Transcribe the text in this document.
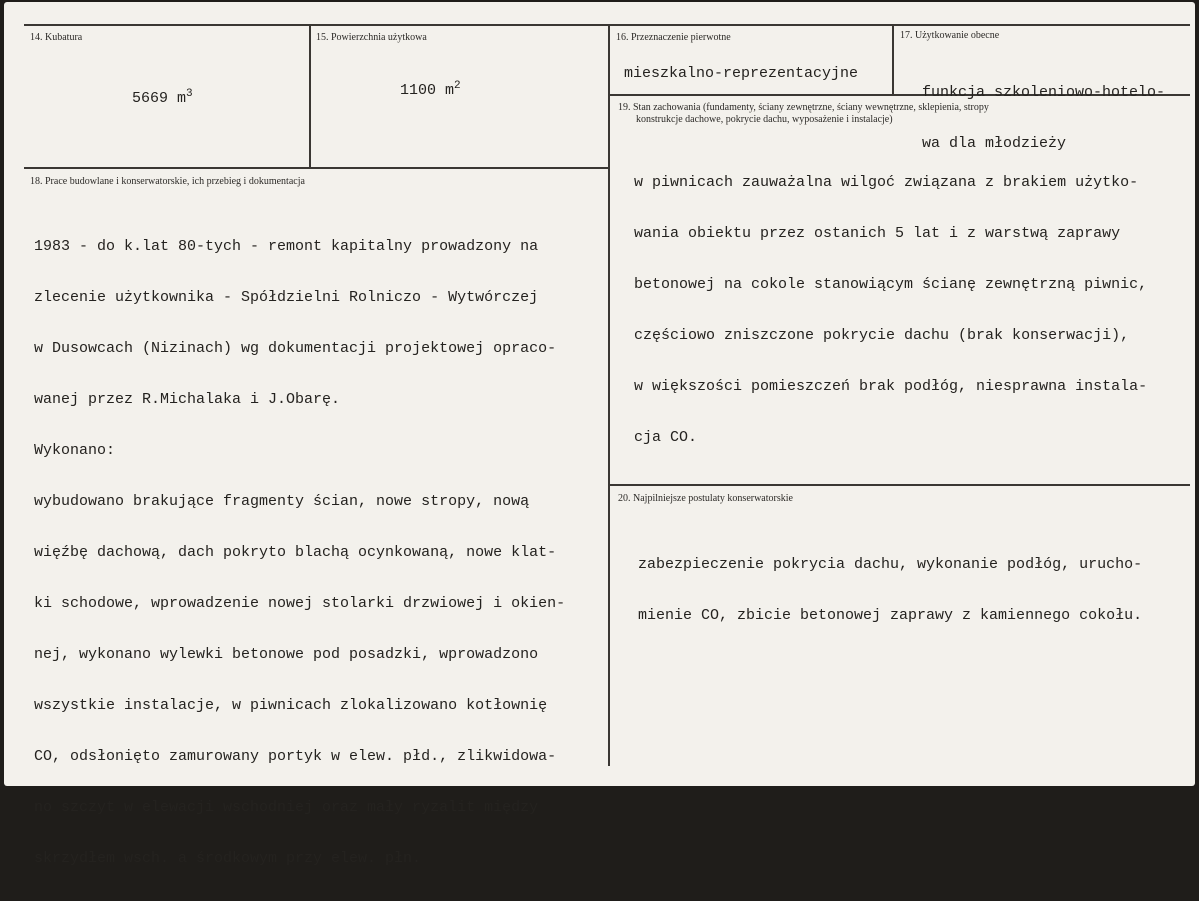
14. Kubatura
5669 $m^3$
15. Powierzchnia użytkowa
1100 $m^2$
16. Przeznaczenie pierwotne
mieszkalno-reprezentacyjne
17. Użytkowanie obecne

funkcja szkoleniowo-hotelo-

wa dla młodzieży

19. Stan zachowania (fundamenty, ściany zewnętrzne, ściany wewnętrzne, sklepienia, stropy
konstrukcje dachowe, pokrycie dachu, wyposażenie i instalacje)

w piwnicach zauważalna wilgoć związana z brakiem użytko-

wania obiektu przez ostanich 5 lat i z warstwą zaprawy

betonowej na cokole stanowiącym ścianę zewnętrzną piwnic,

częściowo zniszczone pokrycie dachu (brak konserwacji),

w większości pomieszczeń brak podłóg, niesprawna instala-

cja CO.

18. Prace budowlane i konserwatorskie, ich przebieg i dokumentacja

1983 - do k.lat 80-tych - remont kapitalny prowadzony na

zlecenie użytkownika - Spółdzielni Rolniczo - Wytwórczej

w Dusowcach (Nizinach) wg dokumentacji projektowej opraco-

wanej przez R.Michalaka i J.Obarę.

Wykonano:

wybudowano brakujące fragmenty ścian, nowe stropy, nową

więźbę dachową, dach pokryto blachą ocynkowaną, nowe klat-

ki schodowe, wprowadzenie nowej stolarki drzwiowej i okien-

nej, wykonano wylewki betonowe pod posadzki, wprowadzono

wszystkie instalacje, w piwnicach zlokalizowano kotłownię

CO, odsłonięto zamurowany portyk w elew. płd., zlikwidowa-

no szczyt w elewacji wschodniej oraz mały ryzalit między

skrzydłem wsch. a środkowym przy elew. płn.

20. Najpilniejsze postulaty konserwatorskie

zabezpieczenie pokrycia dachu, wykonanie podłóg, urucho-

mienie CO, zbicie betonowej zaprawy z kamiennego cokołu.
